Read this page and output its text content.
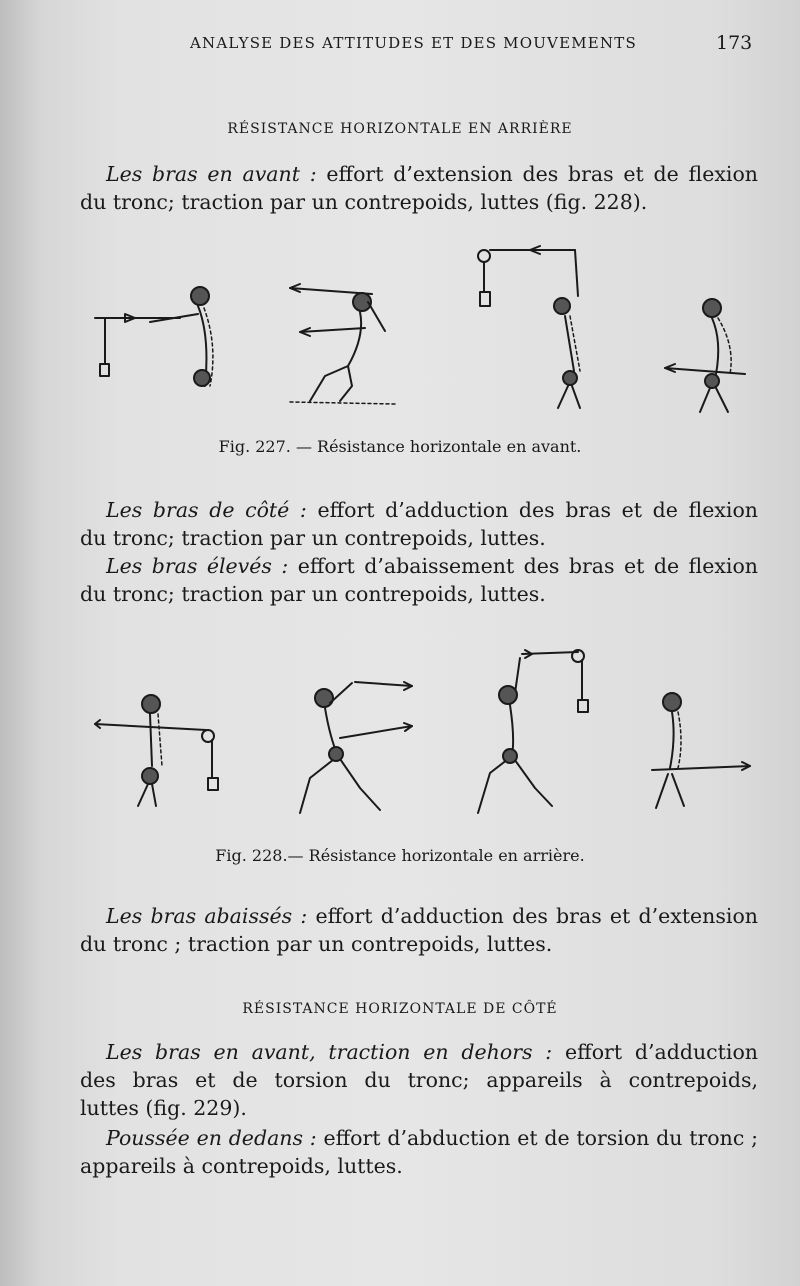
ANALYSE DES ATTITUDES ET DES MOUVEMENTS	173
RÉSISTANCE HORIZONTALE EN ARRIÈRE
Les bras en avant : effort d’extension des bras et de flexion
du tronc; traction par un contrepoids, luttes (fig. 228).
Fig. 227. — Résistance horizontale en avant.
Les bras de côté : effort d’adduction des bras et de flexion
du tronc; traction par un contrepoids, luttes.
Les bras élevés : effort d’abaissement des bras et de flexion
du tronc; traction par un contrepoids, luttes.
Fig. 228.— Résistance horizontale en arrière.
Les bras abaissés : effort d’adduction des bras et d’extension
du tronc ; traction par un contrepoids, luttes.
RÉSISTANCE HORIZONTALE DE CÔTÉ
Les bras en avant, traction en dehors : effort d’adduction
des bras et de torsion du tronc; appareils à contrepoids,
luttes (fig. 229).
Poussée en dedans : effort d’abduction et de torsion du tronc ;
appareils à contrepoids, luttes.
